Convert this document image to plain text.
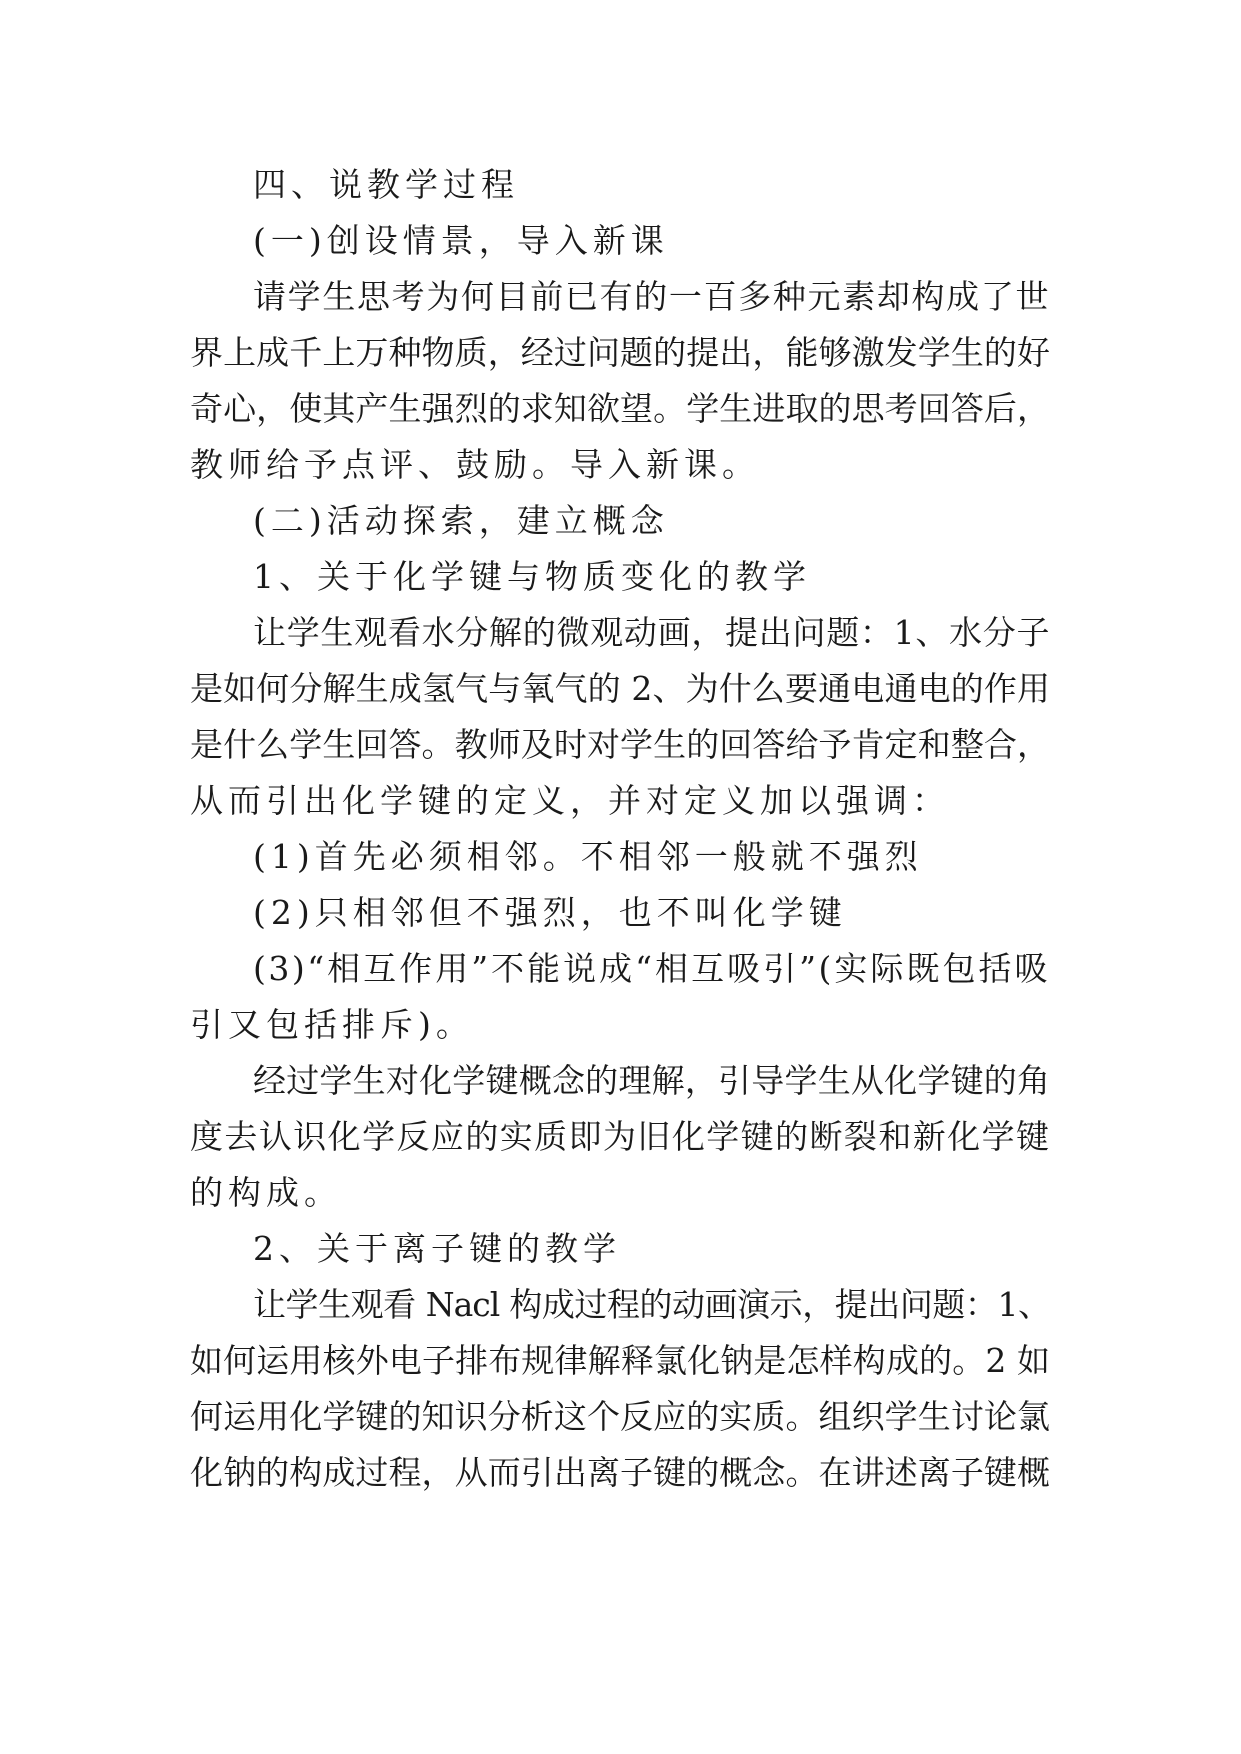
四、说教学过程
(一)创设情景，导入新课
请学生思考为何目前已有的一百多种元素却构成了世
界上成千上万种物质，经过问题的提出，能够激发学生的好
奇心，使其产生强烈的求知欲望。学生进取的思考回答后，
教师给予点评、鼓励。导入新课。
(二)活动探索，建立概念
1、关于化学键与物质变化的教学
让学生观看水分解的微观动画，提出问题：1、水分子
是如何分解生成氢气与氧气的 2、为什么要通电通电的作用
是什么学生回答。教师及时对学生的回答给予肯定和整合，
从而引出化学键的定义，并对定义加以强调：
(1)首先必须相邻。不相邻一般就不强烈
(2)只相邻但不强烈，也不叫化学键
(3)“相互作用”不能说成“相互吸引”(实际既包括吸
引又包括排斥)。
经过学生对化学键概念的理解，引导学生从化学键的角
度去认识化学反应的实质即为旧化学键的断裂和新化学键
的构成。
2、关于离子键的教学
让学生观看 Nacl 构成过程的动画演示，提出问题：1、
如何运用核外电子排布规律解释氯化钠是怎样构成的。2 如
何运用化学键的知识分析这个反应的实质。组织学生讨论氯
化钠的构成过程，从而引出离子键的概念。在讲述离子键概
